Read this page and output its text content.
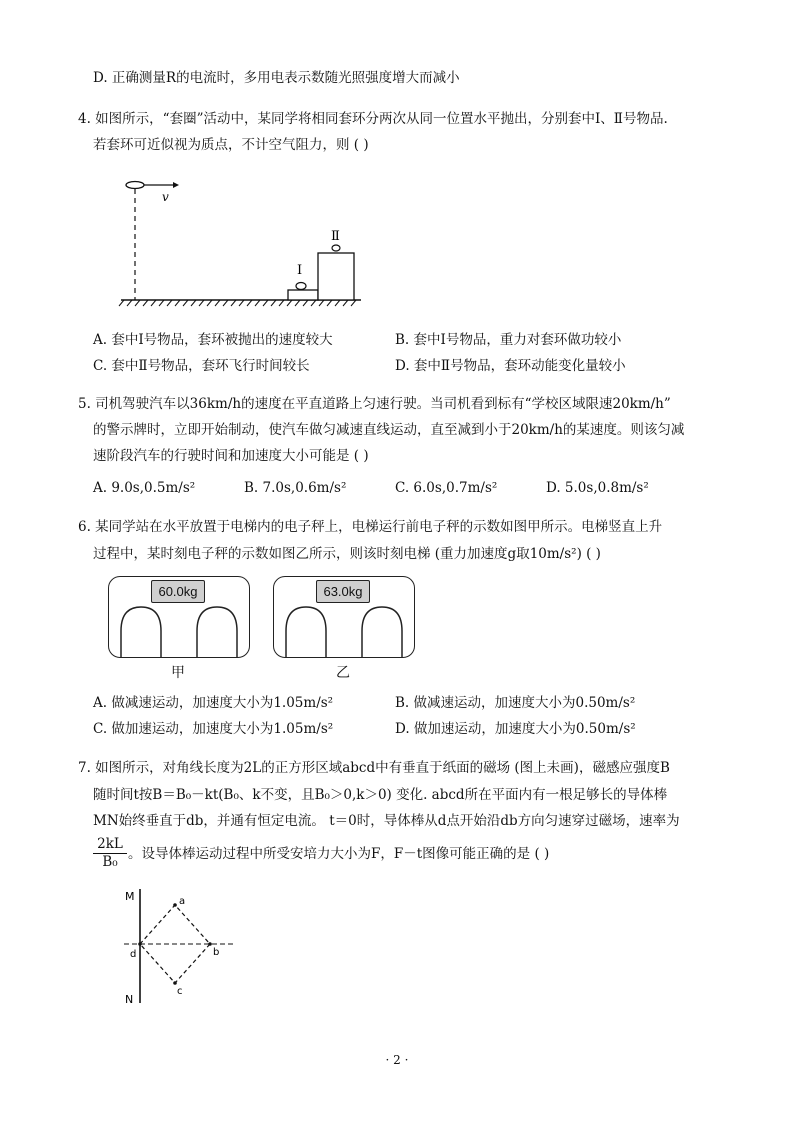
D. 正确测量R的电流时，多用电表示数随光照强度增大而减小
4. 如图所示，“套圈”活动中，某同学将相同套环分两次从同一位置水平抛出，分别套中Ⅰ、Ⅱ号物品.
若套环可近似视为质点，不计空气阻力，则 ( )
v
Ⅰ
Ⅱ
A. 套中Ⅰ号物品，套环被抛出的速度较大	B. 套中Ⅰ号物品，重力对套环做功较小
C. 套中Ⅱ号物品，套环飞行时间较长	D. 套中Ⅱ号物品，套环动能变化量较小
5. 司机驾驶汽车以36km/h的速度在平直道路上匀速行驶。当司机看到标有“学校区域限速20km/h”
的警示牌时，立即开始制动，使汽车做匀减速直线运动，直至减到小于20km/h的某速度。则该匀减
速阶段汽车的行驶时间和加速度大小可能是 ( )
A. 9.0s,0.5m/s²	B. 7.0s,0.6m/s²	C. 6.0s,0.7m/s²	D. 5.0s,0.8m/s²
6. 某同学站在水平放置于电梯内的电子秤上，电梯运行前电子秤的示数如图甲所示。电梯竖直上升
过程中，某时刻电子秤的示数如图乙所示，则该时刻电梯 (重力加速度g取10m/s²) ( )
60.0kg
甲
63.0kg
乙
A. 做减速运动，加速度大小为1.05m/s²	B. 做减速运动，加速度大小为0.50m/s²
C. 做加速运动，加速度大小为1.05m/s²	D. 做加速运动，加速度大小为0.50m/s²
7. 如图所示，对角线长度为2L的正方形区域abcd中有垂直于纸面的磁场 (图上未画)，磁感应强度B
随时间t按B＝B₀－kt(B₀、k不变，且B₀＞0,k＞0) 变化. abcd所在平面内有一根足够长的导体棒
MN始终垂直于db，并通有恒定电流。 t＝0时，导体棒从d点开始沿db方向匀速穿过磁场，速率为
$\frac{2kL}{\text{B₀}}$ 。设导体棒运动过程中所受安培力大小为F，F－t图像可能正确的是 ( )
M
N
a
b
c
d
· 2 ·
